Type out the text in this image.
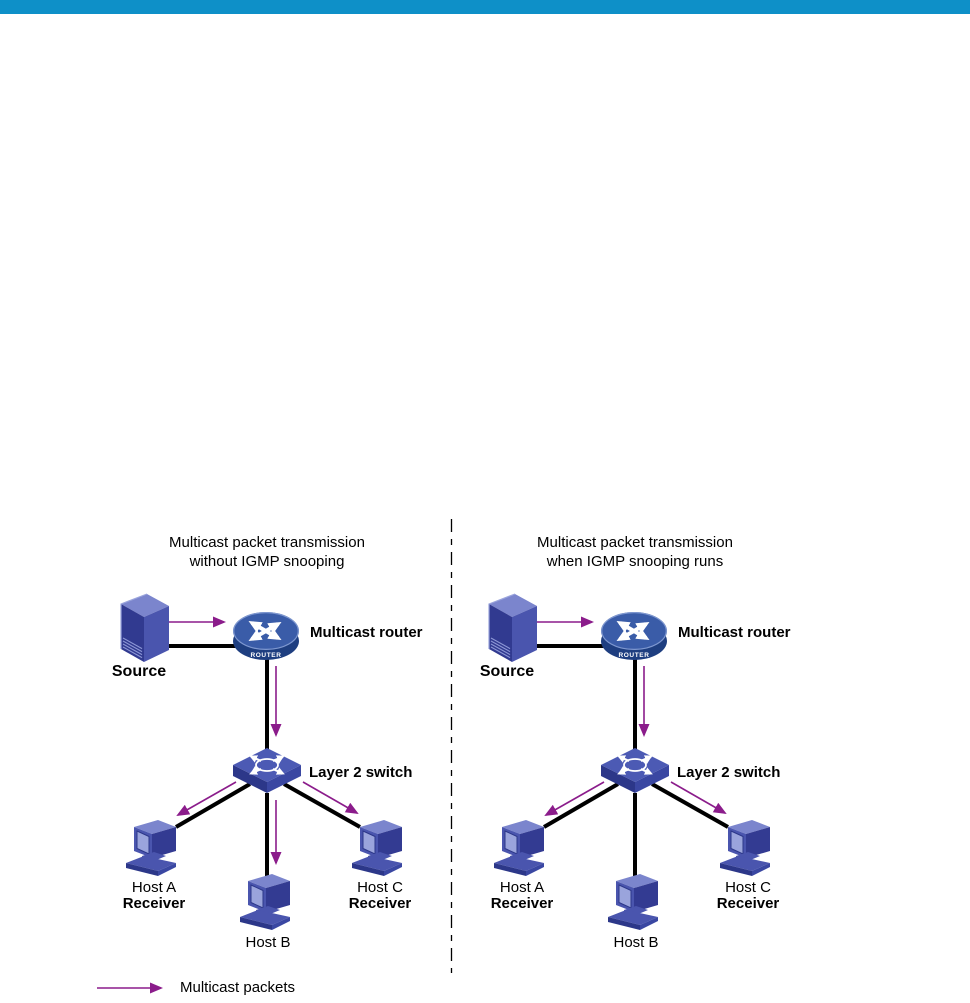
Multicast packet transmission
without IGMP snooping
Source
ROUTER
Multicast router
Layer 2 switch
Host A
Receiver
Host B
Host C
Receiver
Multicast packet transmission
when IGMP snooping runs
Source
ROUTER
Multicast router
Layer 2 switch
Host A
Receiver
Host B
Host C
Receiver
Multicast packets
